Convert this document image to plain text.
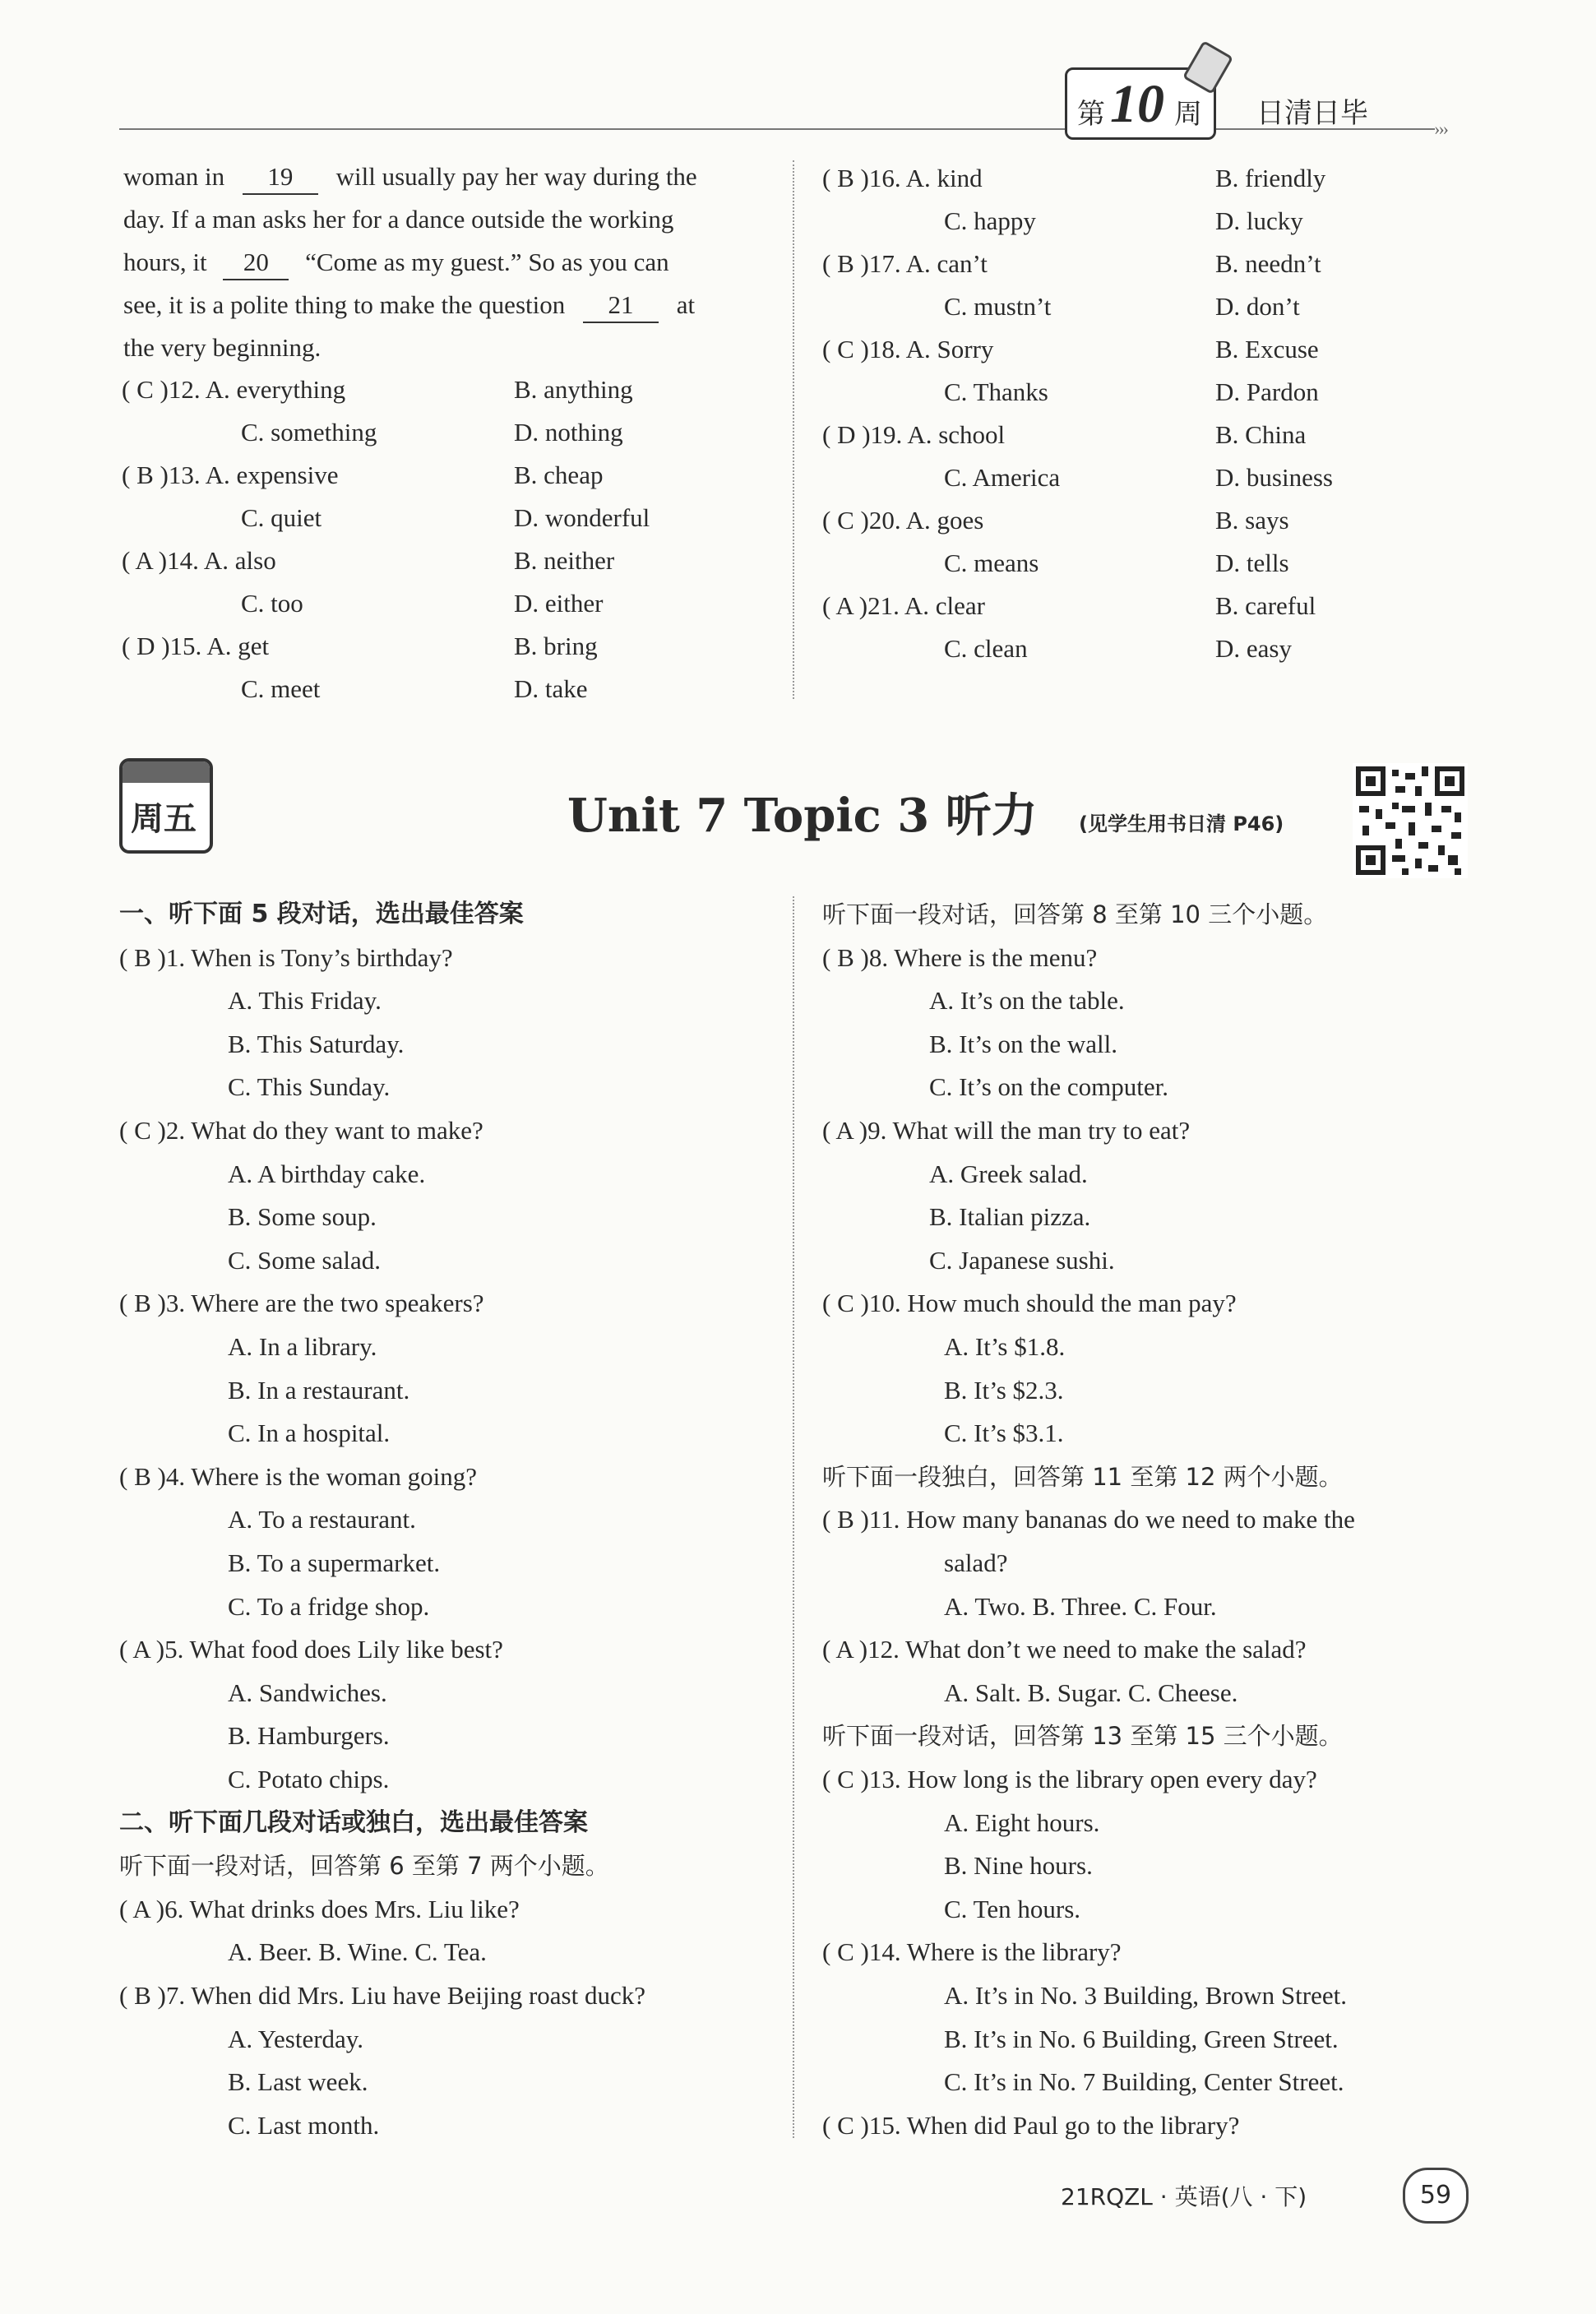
第 10 周 日清日毕	›››
woman in 19 will usually pay her way during the
day. If a man asks her for a dance outside the working
hours, it 20 “Come as my guest.” So as you can
see, it is a polite thing to make the question 21 at
the very beginning.
( C )12. A. everything	B. anything
C. something	D. nothing
( B )13. A. expensive	B. cheap
C. quiet	D. wonderful
( A )14. A. also	B. neither
C. too	D. either
( D )15. A. get	B. bring
C. meet	D. take
( B )16. A. kind	B. friendly
C. happy	D. lucky
( B )17. A. can’t	B. needn’t
C. mustn’t	D. don’t
( C )18. A. Sorry	B. Excuse
C. Thanks	D. Pardon
( D )19. A. school	B. China
C. America	D. business
( C )20. A. goes	B. says
C. means	D. tells
( A )21. A. clear	B. careful
C. clean	D. easy
周五	Unit 7 Topic 3 听力 (见学生用书日清 P46)
一、听下面 5 段对话，选出最佳答案
( B )1. When is Tony’s birthday?
A. This Friday.
B. This Saturday.
C. This Sunday.
( C )2. What do they want to make?
A. A birthday cake.
B. Some soup.
C. Some salad.
( B )3. Where are the two speakers?
A. In a library.
B. In a restaurant.
C. In a hospital.
( B )4. Where is the woman going?
A. To a restaurant.
B. To a supermarket.
C. To a fridge shop.
( A )5. What food does Lily like best?
A. Sandwiches.
B. Hamburgers.
C. Potato chips.
二、听下面几段对话或独白，选出最佳答案
听下面一段对话，回答第 6 至第 7 两个小题。
( A )6. What drinks does Mrs. Liu like?
A. Beer. B. Wine. C. Tea.
( B )7. When did Mrs. Liu have Beijing roast duck?
A. Yesterday.
B. Last week.
C. Last month.
听下面一段对话，回答第 8 至第 10 三个小题。
( B )8. Where is the menu?
A. It’s on the table.
B. It’s on the wall.
C. It’s on the computer.
( A )9. What will the man try to eat?
A. Greek salad.
B. Italian pizza.
C. Japanese sushi.
( C )10. How much should the man pay?
A. It’s $1.8.
B. It’s $2.3.
C. It’s $3.1.
听下面一段独白，回答第 11 至第 12 两个小题。
( B )11. How many bananas do we need to make the
salad?
A. Two. B. Three. C. Four.
( A )12. What don’t we need to make the salad?
A. Salt. B. Sugar. C. Cheese.
听下面一段对话，回答第 13 至第 15 三个小题。
( C )13. How long is the library open every day?
A. Eight hours.
B. Nine hours.
C. Ten hours.
( C )14. Where is the library?
A. It’s in No. 3 Building, Brown Street.
B. It’s in No. 6 Building, Green Street.
C. It’s in No. 7 Building, Center Street.
( C )15. When did Paul go to the library?
21RQZL · 英语(八 · 下)	59
